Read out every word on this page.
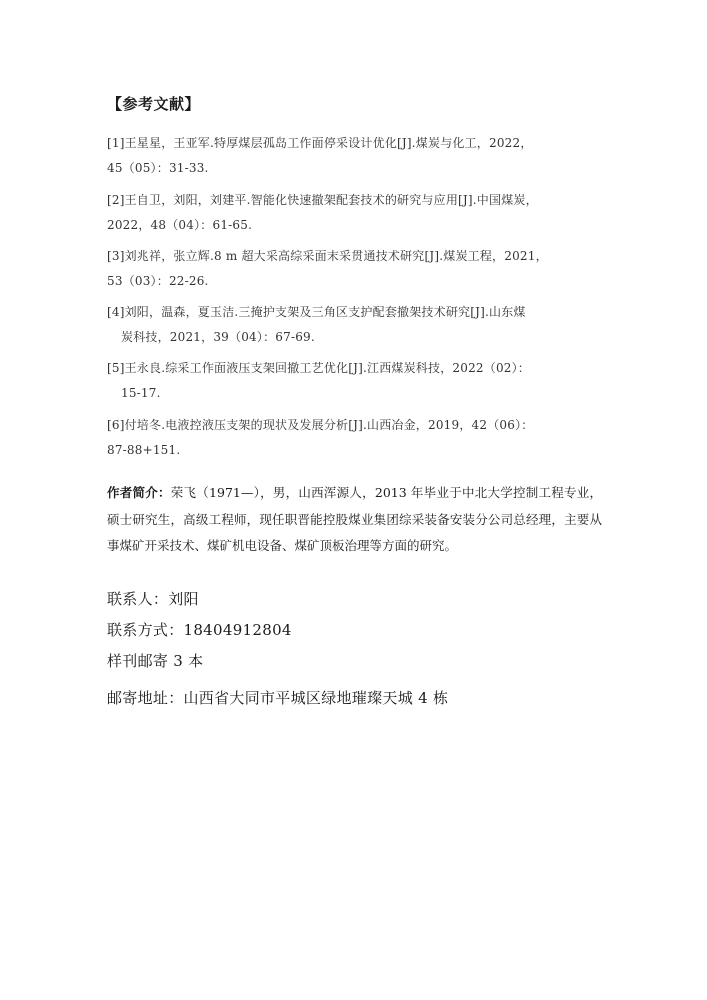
【参考文献】
[1]王星星，王亚军.特厚煤层孤岛工作面停采设计优化[J].煤炭与化工，2022，
45（05）：31-33.
[2]王自卫，刘阳，刘建平.智能化快速撤架配套技术的研究与应用[J].中国煤炭，
2022，48（04）：61-65.
[3]刘兆祥，张立辉.8 m 超大采高综采面末采贯通技术研究[J].煤炭工程，2021，
53（03）：22-26.
[4]刘阳，温森，夏玉洁.三掩护支架及三角区支护配套撤架技术研究[J].山东煤
炭科技，2021，39（04）：67-69.
[5]王永良.综采工作面液压支架回撤工艺优化[J].江西煤炭科技，2022（02）：
15-17.
[6]付培冬.电液控液压支架的现状及发展分析[J].山西冶金，2019，42（06）：
87-88+151.
作者简介：荣飞（1971—），男，山西浑源人，2013 年毕业于中北大学控制工程专业，硕士研究生，高级工程师，现任职晋能控股煤业集团综采装备安装分公司总经理，主要从事煤矿开采技术、煤矿机电设备、煤矿顶板治理等方面的研究。
联系人：刘阳
联系方式：18404912804
样刊邮寄 3 本
邮寄地址：山西省大同市平城区绿地璀璨天城 4 栋
